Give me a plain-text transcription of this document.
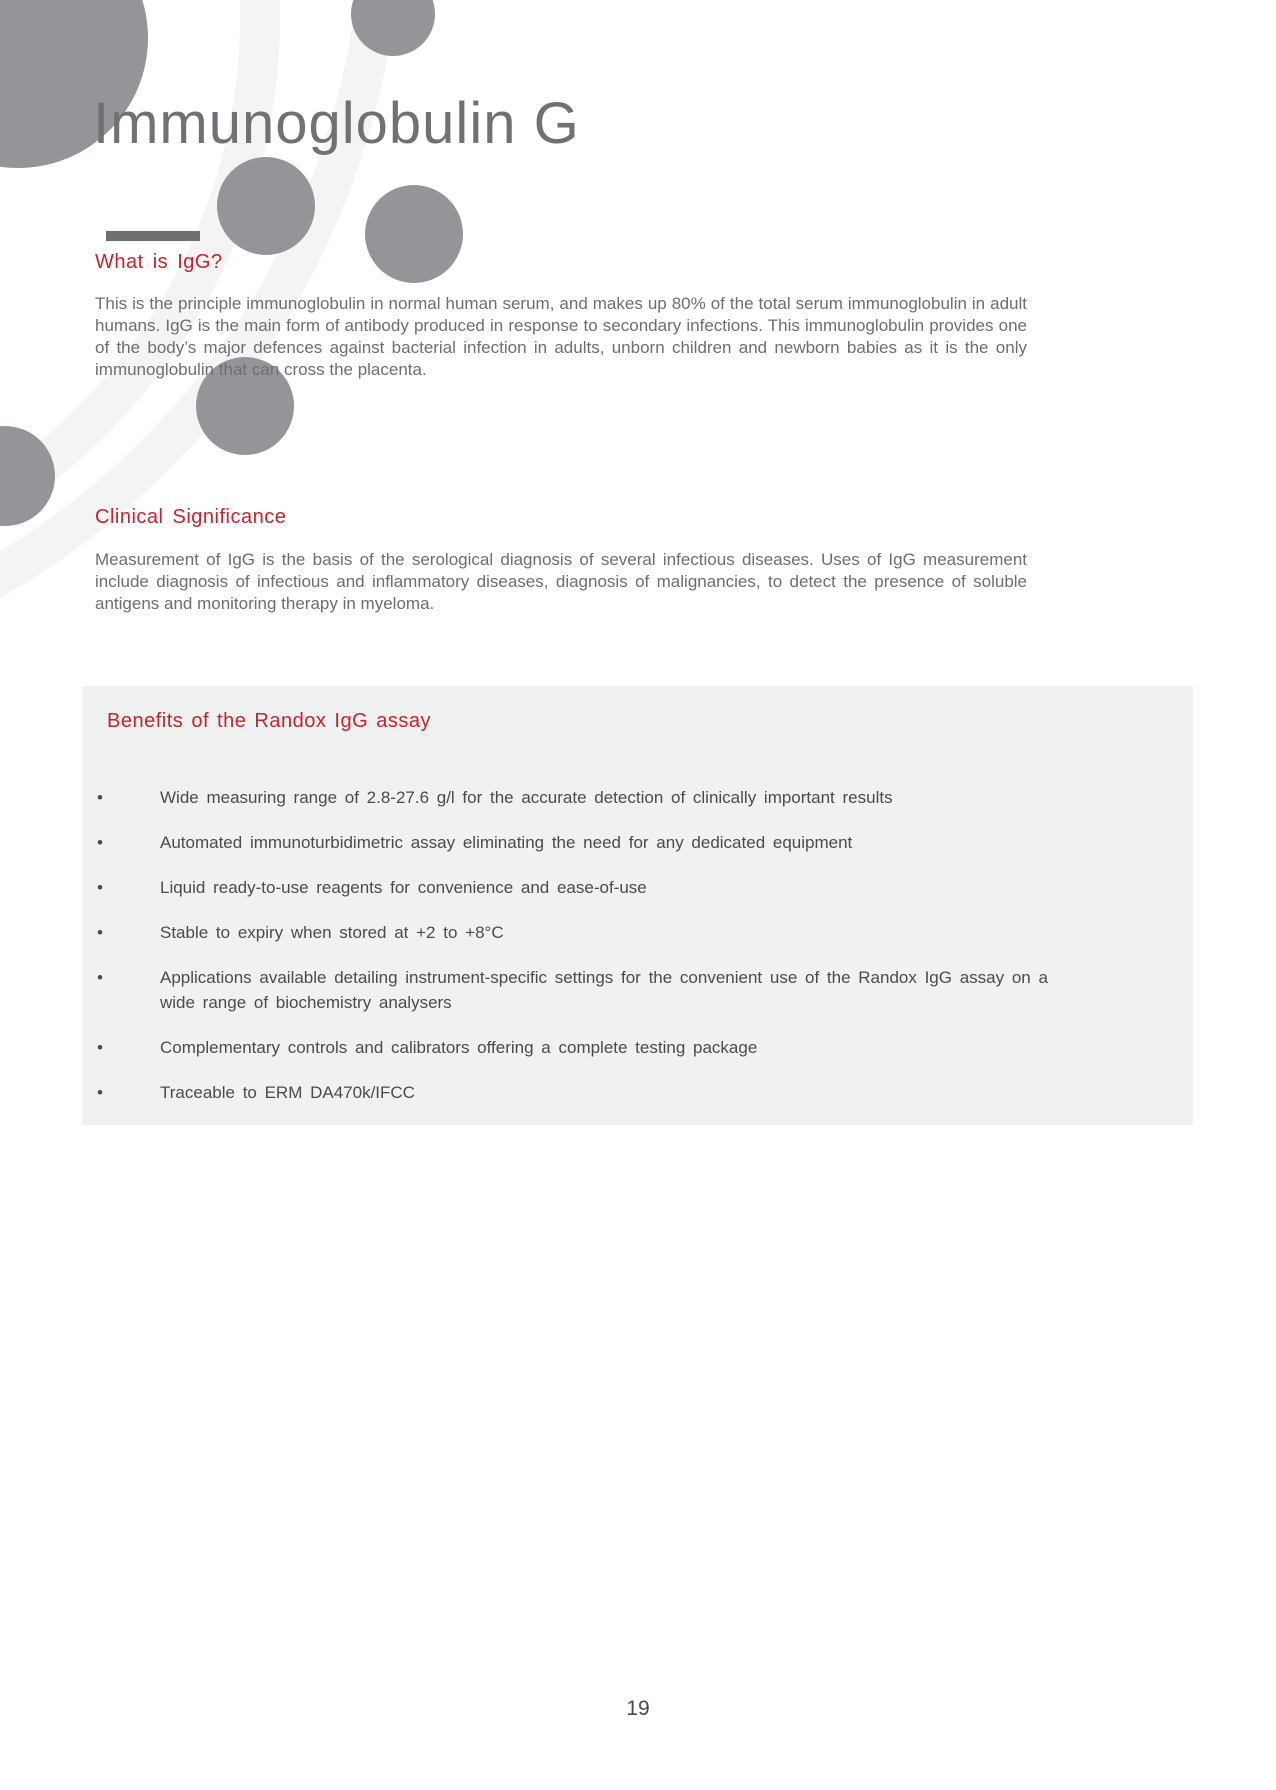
Immunoglobulin G
What is IgG?

This is the principle immunoglobulin in normal human serum, and makes up 80% of the total serum immunoglobulin in adult humans. IgG is the main form of antibody produced in response to secondary infections. This immunoglobulin provides one of the body’s major defences against bacterial infection in adults, unborn children and newborn babies as it is the only immunoglobulin that can cross the placenta.

Clinical Significance

Measurement of IgG is the basis of the serological diagnosis of several infectious diseases. Uses of IgG measurement include diagnosis of infectious and inflammatory diseases, diagnosis of malignancies, to detect the presence of soluble antigens and monitoring therapy in myeloma.

Benefits of the Randox IgG assay
• Wide measuring range of 2.8-27.6 g/l for the accurate detection of clinically important results
• Automated immunoturbidimetric assay eliminating the need for any dedicated equipment
• Liquid ready-to-use reagents for convenience and ease-of-use
• Stable to expiry when stored at +2 to +8°C
• Applications available detailing instrument-specific settings for the convenient use of the Randox IgG assay on a wide range of biochemistry analysers
• Complementary controls and calibrators offering a complete testing package
• Traceable to ERM DA470k/IFCC
19
